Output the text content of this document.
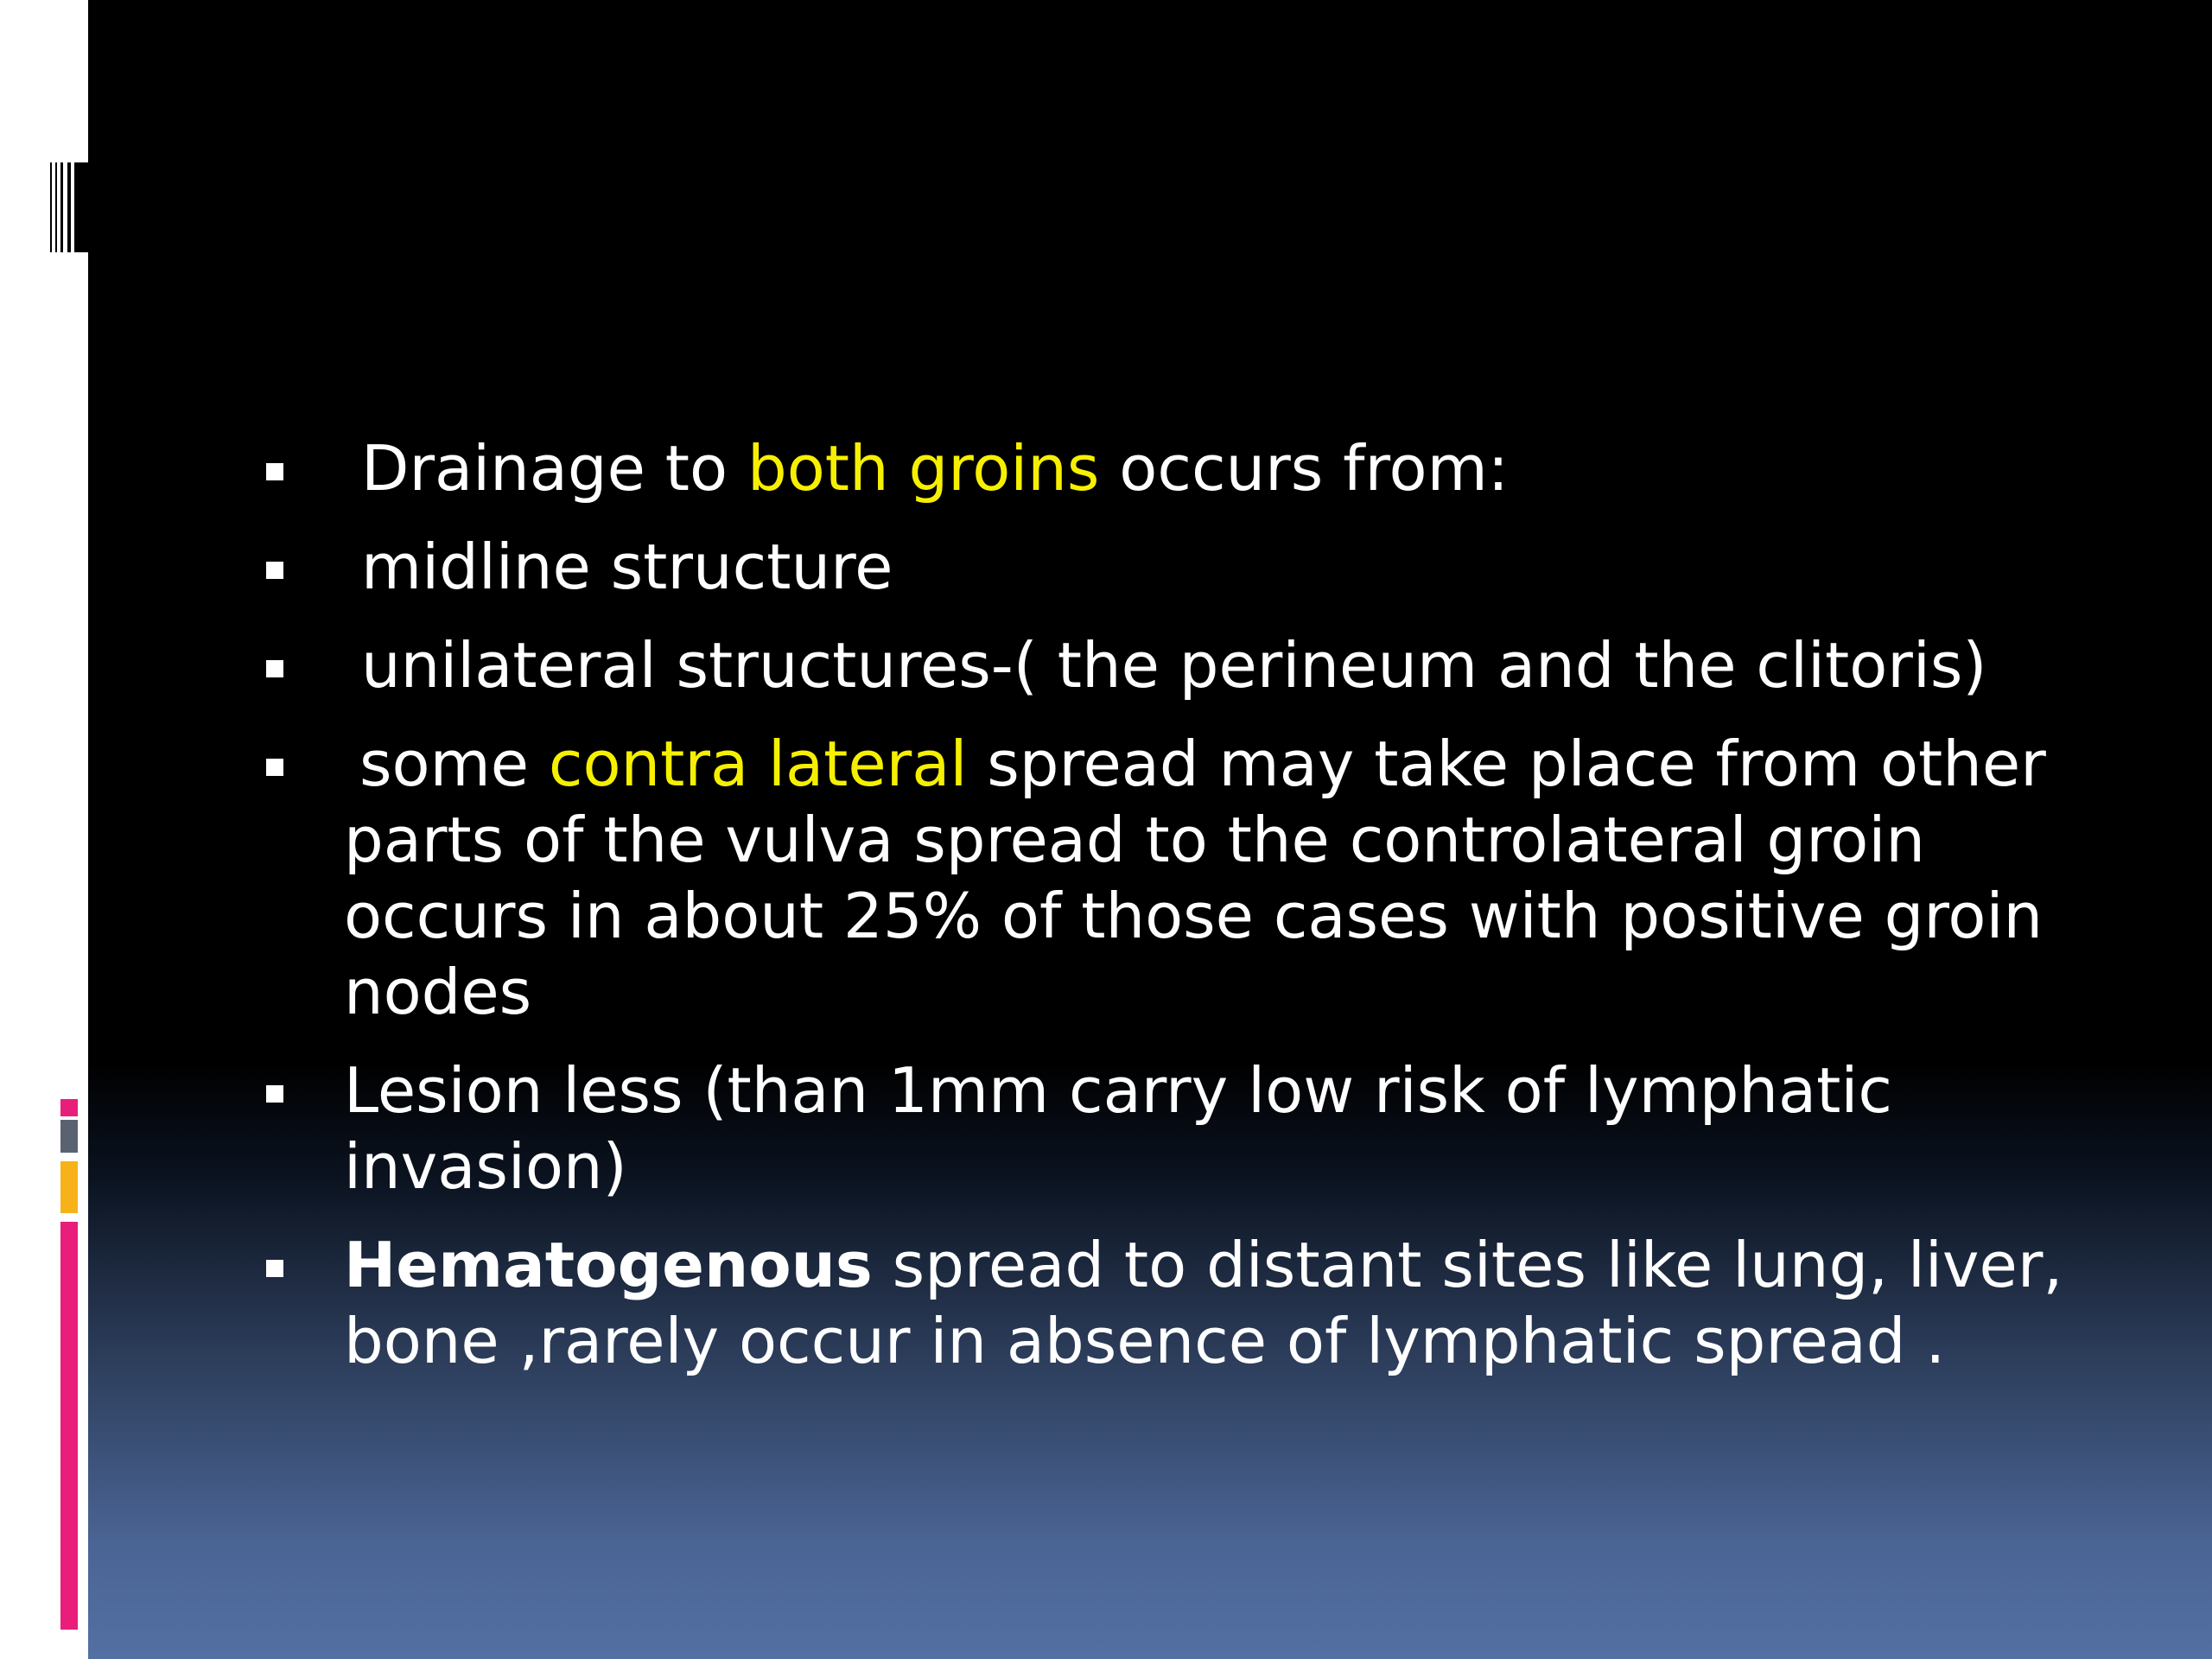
Drainage to both groins occurs from:
midline structure
unilateral structures-( the perineum and the clitoris)
some contra lateral spread may take place from other parts of the vulva spread to the controlateral groin occurs in about 25% of those cases with positive groin nodes
Lesion less (than 1mm carry low risk of lymphatic invasion)
Hematogenous spread to distant sites like lung, liver, bone ,rarely occur in absence of lymphatic spread .
